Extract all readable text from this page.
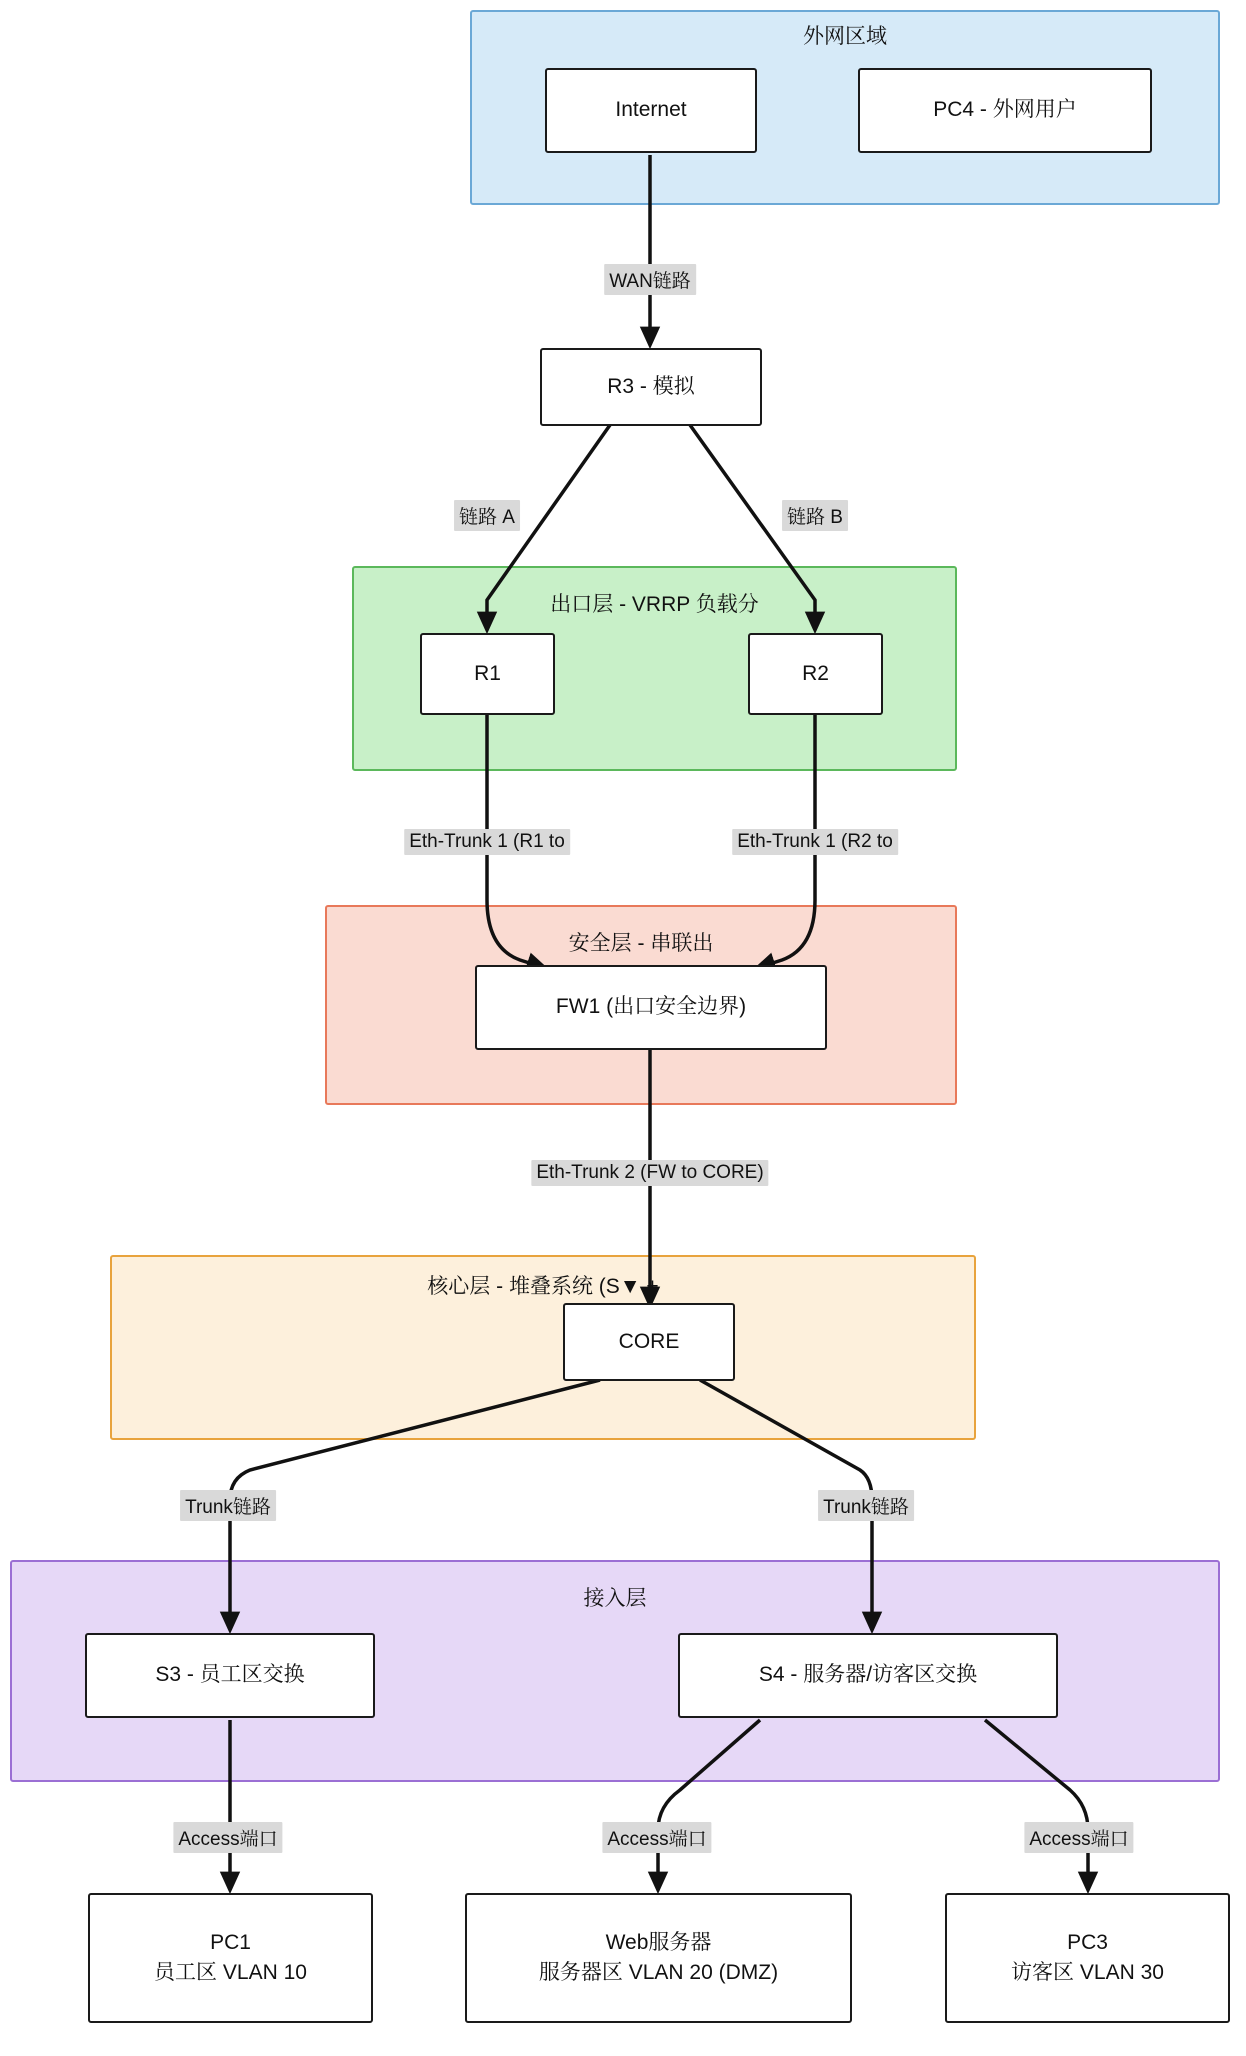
外网区域
出口层 - VRRP 负载分
安全层 - 串联出
核心层 - 堆叠系统 (S▼ +
接入层
Internet	PC4 - 外网用户
R3 - 模拟
R1	R2
FW1 (出口安全边界)
CORE
S3 - 员工区交换	S4 - 服务器/访客区交换
PC1
员工区 VLAN 10
Web服务器
服务器区 VLAN 20 (DMZ)
PC3
访客区 VLAN 30
WAN链路
链路 A	链路 B
Eth-Trunk 1 (R1 to	Eth-Trunk 1 (R2 to
Eth-Trunk 2 (FW to CORE)
Trunk链路	Trunk链路
Access端口	Access端口	Access端口
